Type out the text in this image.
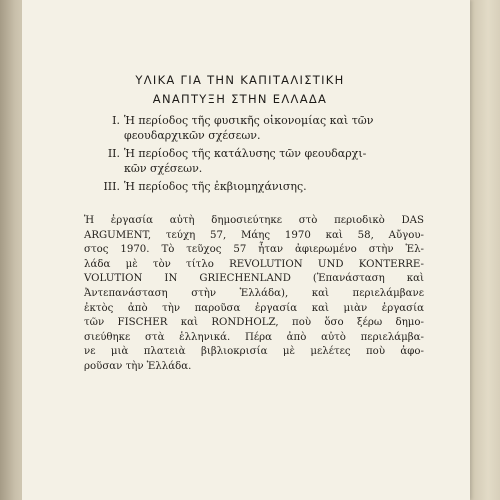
ΥΛΙΚΑ ΓΙΑ ΤΗΝ ΚΑΠΙΤΑΛΙΣΤΙΚΗ
ΑΝΑΠΤΥΞΗ ΣΤΗΝ ΕΛΛΑΔΑ
I. Ἡ περίοδος τῆς φυσικῆς οἰκονομίας καὶ τῶν
φεουδαρχικῶν σχέσεων.
II. Ἡ περίοδος τῆς κατάλυσης τῶν φεουδαρχι-
κῶν σχέσεων.
III. Ἡ περίοδος τῆς ἐκβιομηχάνισης.
Ἡ ἐργασία αὐτὴ δημοσιεύτηκε στὸ περιοδικὸ DAS
ARGUMENT, τεύχη 57, Μάης 1970 καὶ 58, Αὔγου-
στος 1970. Τὸ τεῦχος 57 ἦταν ἀφιερωμένο στὴν Ἑλ-
λάδα μὲ τὸν τίτλο REVOLUTION UND KONTERRE-
VOLUTION IN GRIECHENLAND (Ἐπανάσταση καὶ
Ἀντεπανάσταση στὴν Ἑλλάδα), καὶ περιελάμβανε
ἐκτὸς ἀπὸ τὴν παροῦσα ἐργασία καὶ μιὰν ἐργασία
τῶν FISCHER καὶ RONDHOLZ, ποὺ ὅσο ξέρω δημο-
σιεύθηκε στὰ ἑλληνικά. Πέρα ἀπὸ αὐτὸ περιελάμβα-
νε μιὰ πλατειὰ βιβλιοκρισία μὲ μελέτες ποὺ ἀφο-
ροῦσαν τὴν Ἑλλάδα.
